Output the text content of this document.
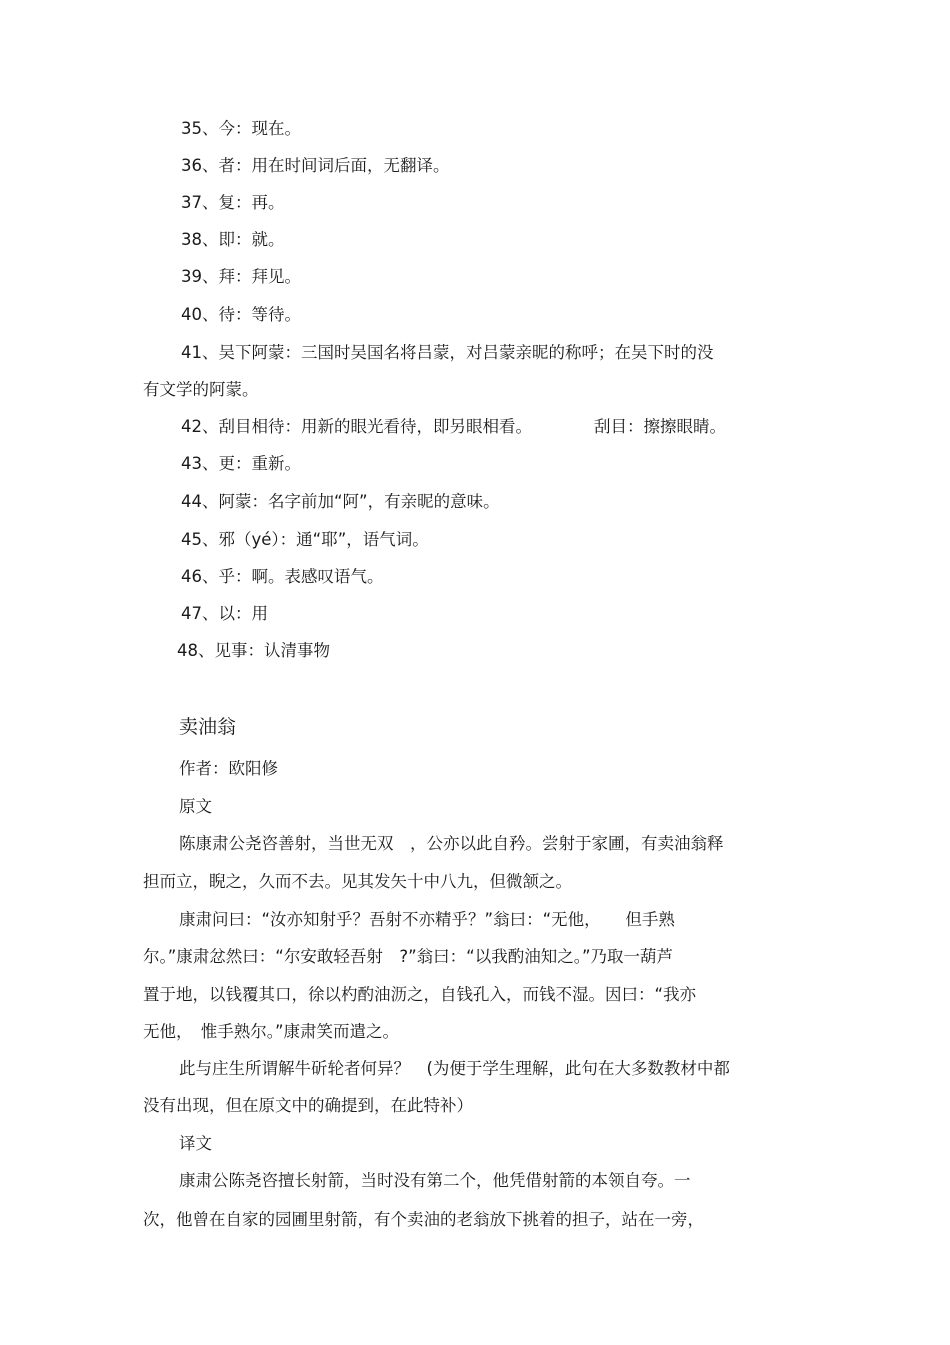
35、今：现在。
36、者：用在时间词后面，无翻译。
37、复：再。
38、即：就。
39、拜：拜见。
40、待：等待。
41、吴下阿蒙：三国时吴国名将吕蒙，对吕蒙亲昵的称呼；在吴下时的没
有文学的阿蒙。
42、刮目相待：用新的眼光看待，即另眼相看。	刮目：擦擦眼睛。
43、更：重新。
44、阿蒙：名字前加“阿”，有亲昵的意味。
45、邪（yé）：通“耶”，语气词。
46、乎：啊。表感叹语气。
47、以：用
48、见事：认清事物
卖油翁
作者：欧阳修
原文
陈康肃公尧咨善射，当世无双　，公亦以此自矜。尝射于家圃，有卖油翁释
担而立，睨之，久而不去。见其发矢十中八九，但微颔之。
康肃问曰：“汝亦知射乎？吾射不亦精乎？”翁曰：“无他，　　但手熟
尔。”康肃忿然曰：“尔安敢轻吾射　?”翁曰：“以我酌油知之。”乃取一葫芦
置于地，以钱覆其口，徐以杓酌油沥之，自钱孔入，而钱不湿。因曰：“我亦
无他，　惟手熟尔。”康肃笑而遣之。
此与庄生所谓解牛斫轮者何异？　(为便于学生理解，此句在大多数教材中都
没有出现，但在原文中的确提到，在此特补）
译文
康肃公陈尧咨擅长射箭，当时没有第二个，他凭借射箭的本领自夸。一
次，他曾在自家的园圃里射箭，有个卖油的老翁放下挑着的担子，站在一旁，
